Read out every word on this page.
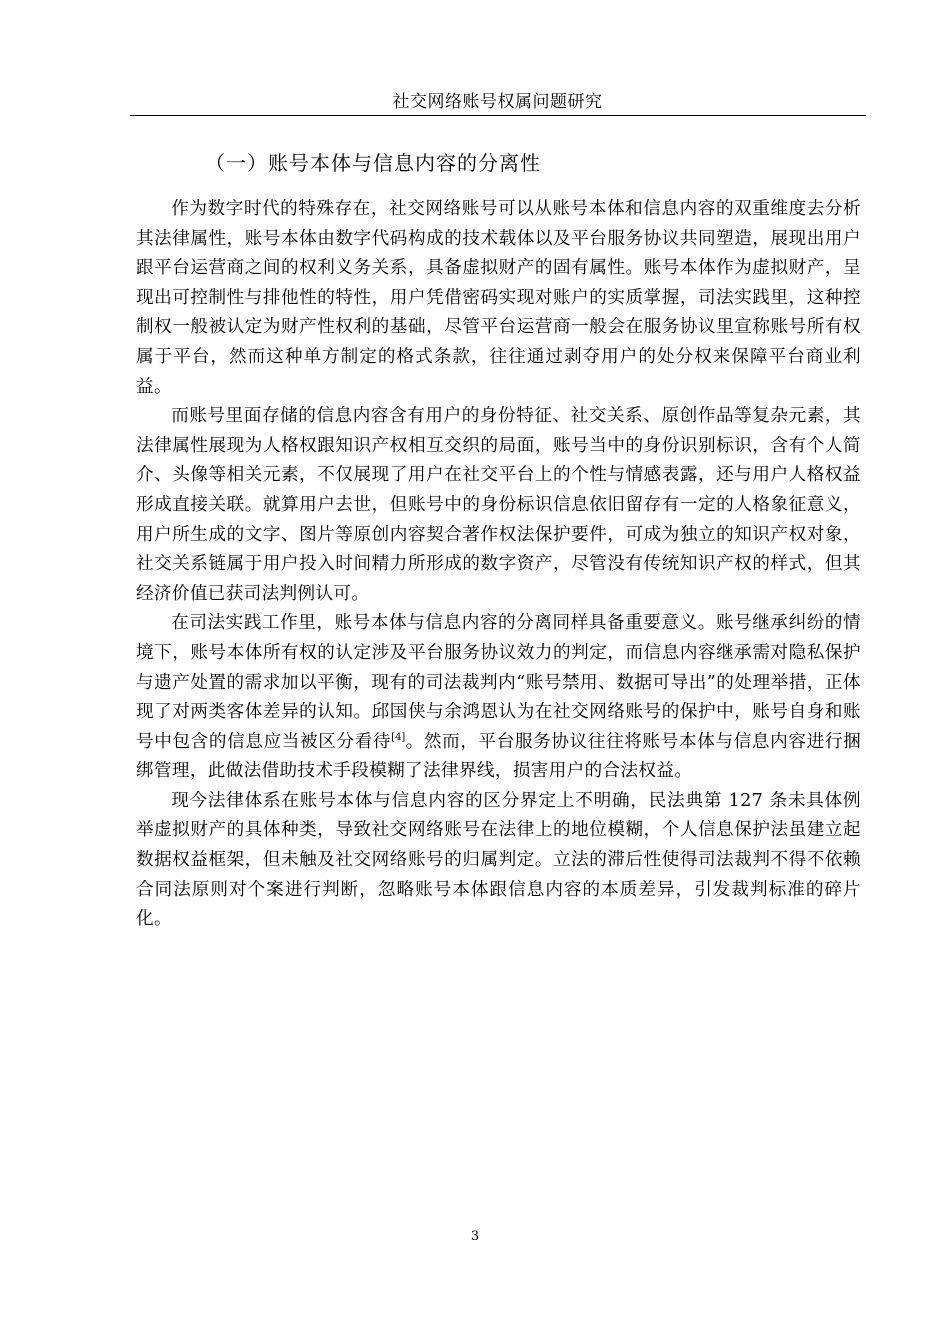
社交网络账号权属问题研究
（一）账号本体与信息内容的分离性

作为数字时代的特殊存在，社交网络账号可以从账号本体和信息内容的双重维度去分析其法律属性，账号本体由数字代码构成的技术载体以及平台服务协议共同塑造，展现出用户跟平台运营商之间的权利义务关系，具备虚拟财产的固有属性。账号本体作为虚拟财产，呈现出可控制性与排他性的特性，用户凭借密码实现对账户的实质掌握，司法实践里，这种控制权一般被认定为财产性权利的基础，尽管平台运营商一般会在服务协议里宣称账号所有权属于平台，然而这种单方制定的格式条款，往往通过剥夺用户的处分权来保障平台商业利益。

而账号里面存储的信息内容含有用户的身份特征、社交关系、原创作品等复杂元素，其法律属性展现为人格权跟知识产权相互交织的局面，账号当中的身份识别标识，含有个人简介、头像等相关元素，不仅展现了用户在社交平台上的个性与情感表露，还与用户人格权益形成直接关联。就算用户去世，但账号中的身份标识信息依旧留存有一定的人格象征意义，用户所生成的文字、图片等原创内容契合著作权法保护要件，可成为独立的知识产权对象，社交关系链属于用户投入时间精力所形成的数字资产，尽管没有传统知识产权的样式，但其经济价值已获司法判例认可。

在司法实践工作里，账号本体与信息内容的分离同样具备重要意义。账号继承纠纷的情境下，账号本体所有权的认定涉及平台服务协议效力的判定，而信息内容继承需对隐私保护与遗产处置的需求加以平衡，现有的司法裁判内“账号禁用、数据可导出”的处理举措，正体现了对两类客体差异的认知。邱国侠与余鸿恩认为在社交网络账号的保护中，账号自身和账号中包含的信息应当被区分看待[4]。然而，平台服务协议往往将账号本体与信息内容进行捆绑管理，此做法借助技术手段模糊了法律界线，损害用户的合法权益。

现今法律体系在账号本体与信息内容的区分界定上不明确，民法典第 127 条未具体例举虚拟财产的具体种类，导致社交网络账号在法律上的地位模糊，个人信息保护法虽建立起数据权益框架，但未触及社交网络账号的归属判定。立法的滞后性使得司法裁判不得不依赖合同法原则对个案进行判断，忽略账号本体跟信息内容的本质差异，引发裁判标准的碎片化。

3
